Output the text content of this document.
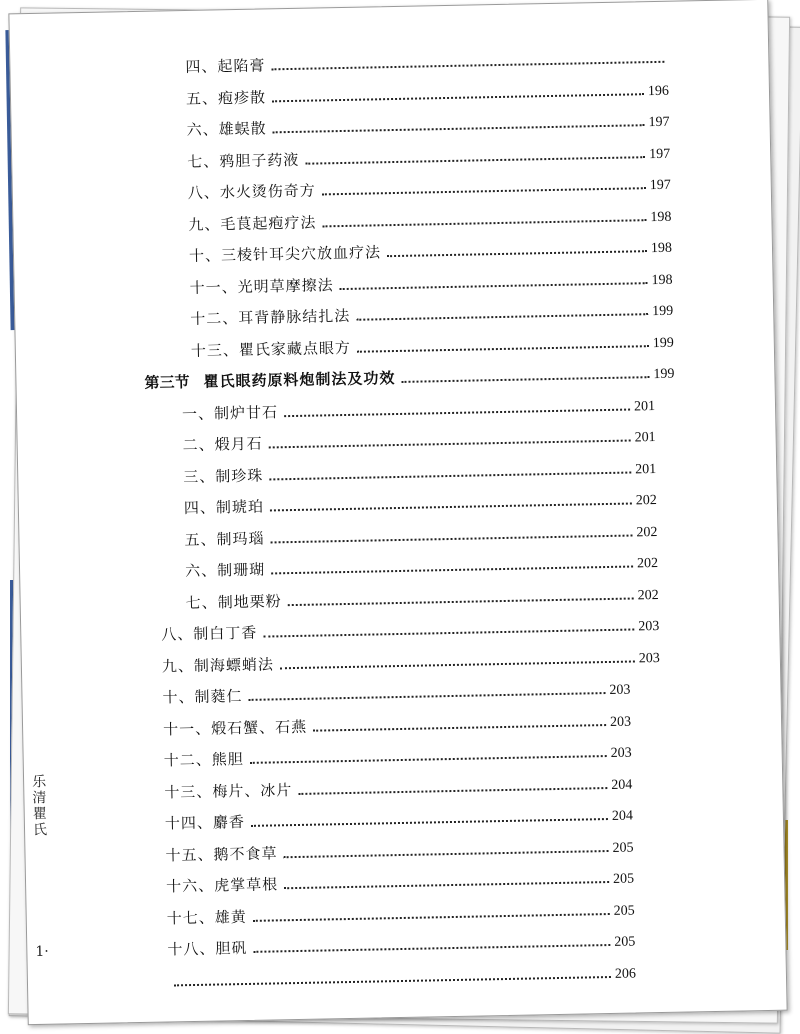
四、起陷膏
五、疱疹散	196
六、雄蜈散	197
七、鸦胆子药液	197
八、水火烫伤奇方	197
九、毛茛起疱疗法	198
十、三棱针耳尖穴放血疗法	198
十一、光明草摩擦法	198
十二、耳背静脉结扎法	199
十三、瞿氏家藏点眼方	199
第三节 瞿氏眼药原料炮制法及功效	199
一、制炉甘石	201
二、煅月石	201
三、制珍珠	201
四、制琥珀	202
五、制玛瑙	202
六、制珊瑚	202
七、制地栗粉	202
八、制白丁香	203
九、制海螵蛸法	203
十、制蕤仁	203
十一、煅石蟹、石燕	203
十二、熊胆	203
十三、梅片、冰片	204
十四、麝香	204
十五、鹅不食草	205
十六、虎掌草根	205
十七、雄黄	205
十八、胆矾	205
206
乐清瞿氏
1·
